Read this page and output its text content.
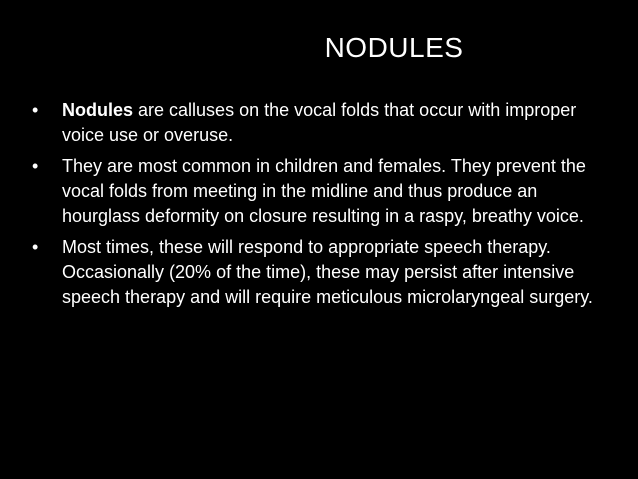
NODULES
• Nodules are calluses on the vocal folds that occur with improper voice use or overuse.
• They are most common in children and females. They prevent the vocal folds from meeting in the midline and thus produce an hourglass deformity on closure resulting in a raspy, breathy voice.
• Most times, these will respond to appropriate speech therapy. Occasionally (20% of the time), these may persist after intensive speech therapy and will require meticulous microlaryngeal surgery.
